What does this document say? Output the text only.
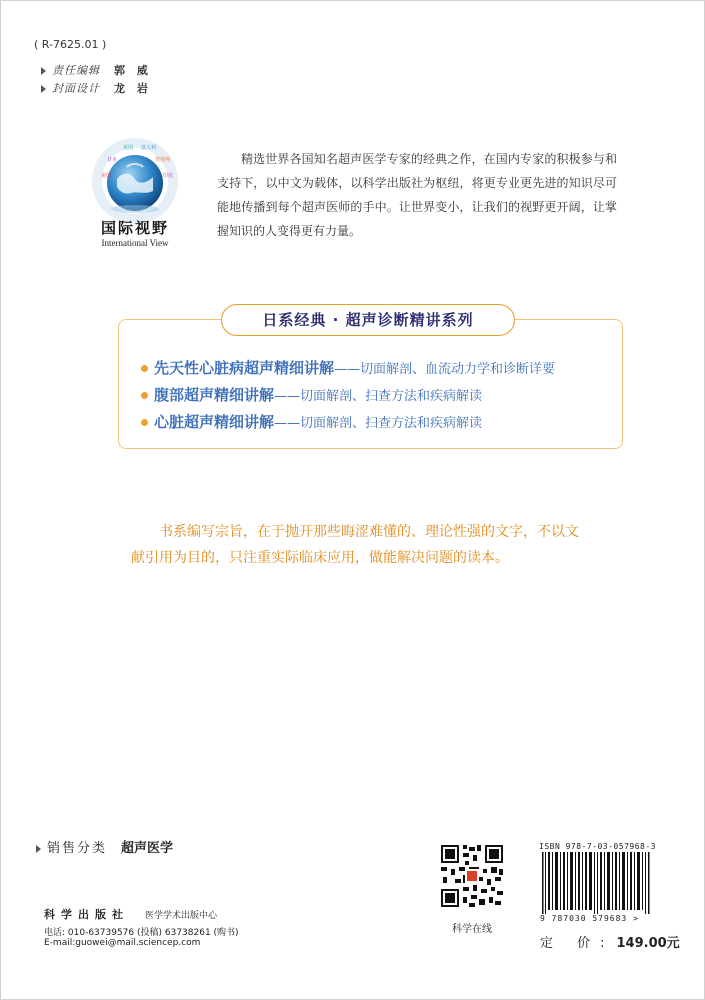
( R-7625.01 )
责任编辑 郭 威
封面设计 龙 岩
美国
日本
英国 意大利
奥地利
印度
国际视野
International View
精选世界各国知名超声医学专家的经典之作，在国内专家的积极参与和支持下，以中文为载体，以科学出版社为枢纽，将更专业更先进的知识尽可能地传播到每个超声医师的手中。让世界变小，让我们的视野更开阔，让掌握知识的人变得更有力量。
日系经典 · 超声诊断精讲系列
先天性心脏病超声精细讲解——切面解剖、血流动力学和诊断详要
腹部超声精细讲解——切面解剖、扫查方法和疾病解读
心脏超声精细讲解——切面解剖、扫查方法和疾病解读
书系编写宗旨，在于抛开那些晦涩难懂的、理论性强的文字，不以文献引用为目的，只注重实际临床应用，做能解决问题的读本。
销售分类 超声医学
科学出版社 医学学术出版中心
电话: 010-63739576 (投稿) 63738261 (购书)
E-mail:guowei@mail.sciencep.com
科学在线
ISBN 978-7-03-057968-3
9 787030 579683 >
定 价: 149.00元
